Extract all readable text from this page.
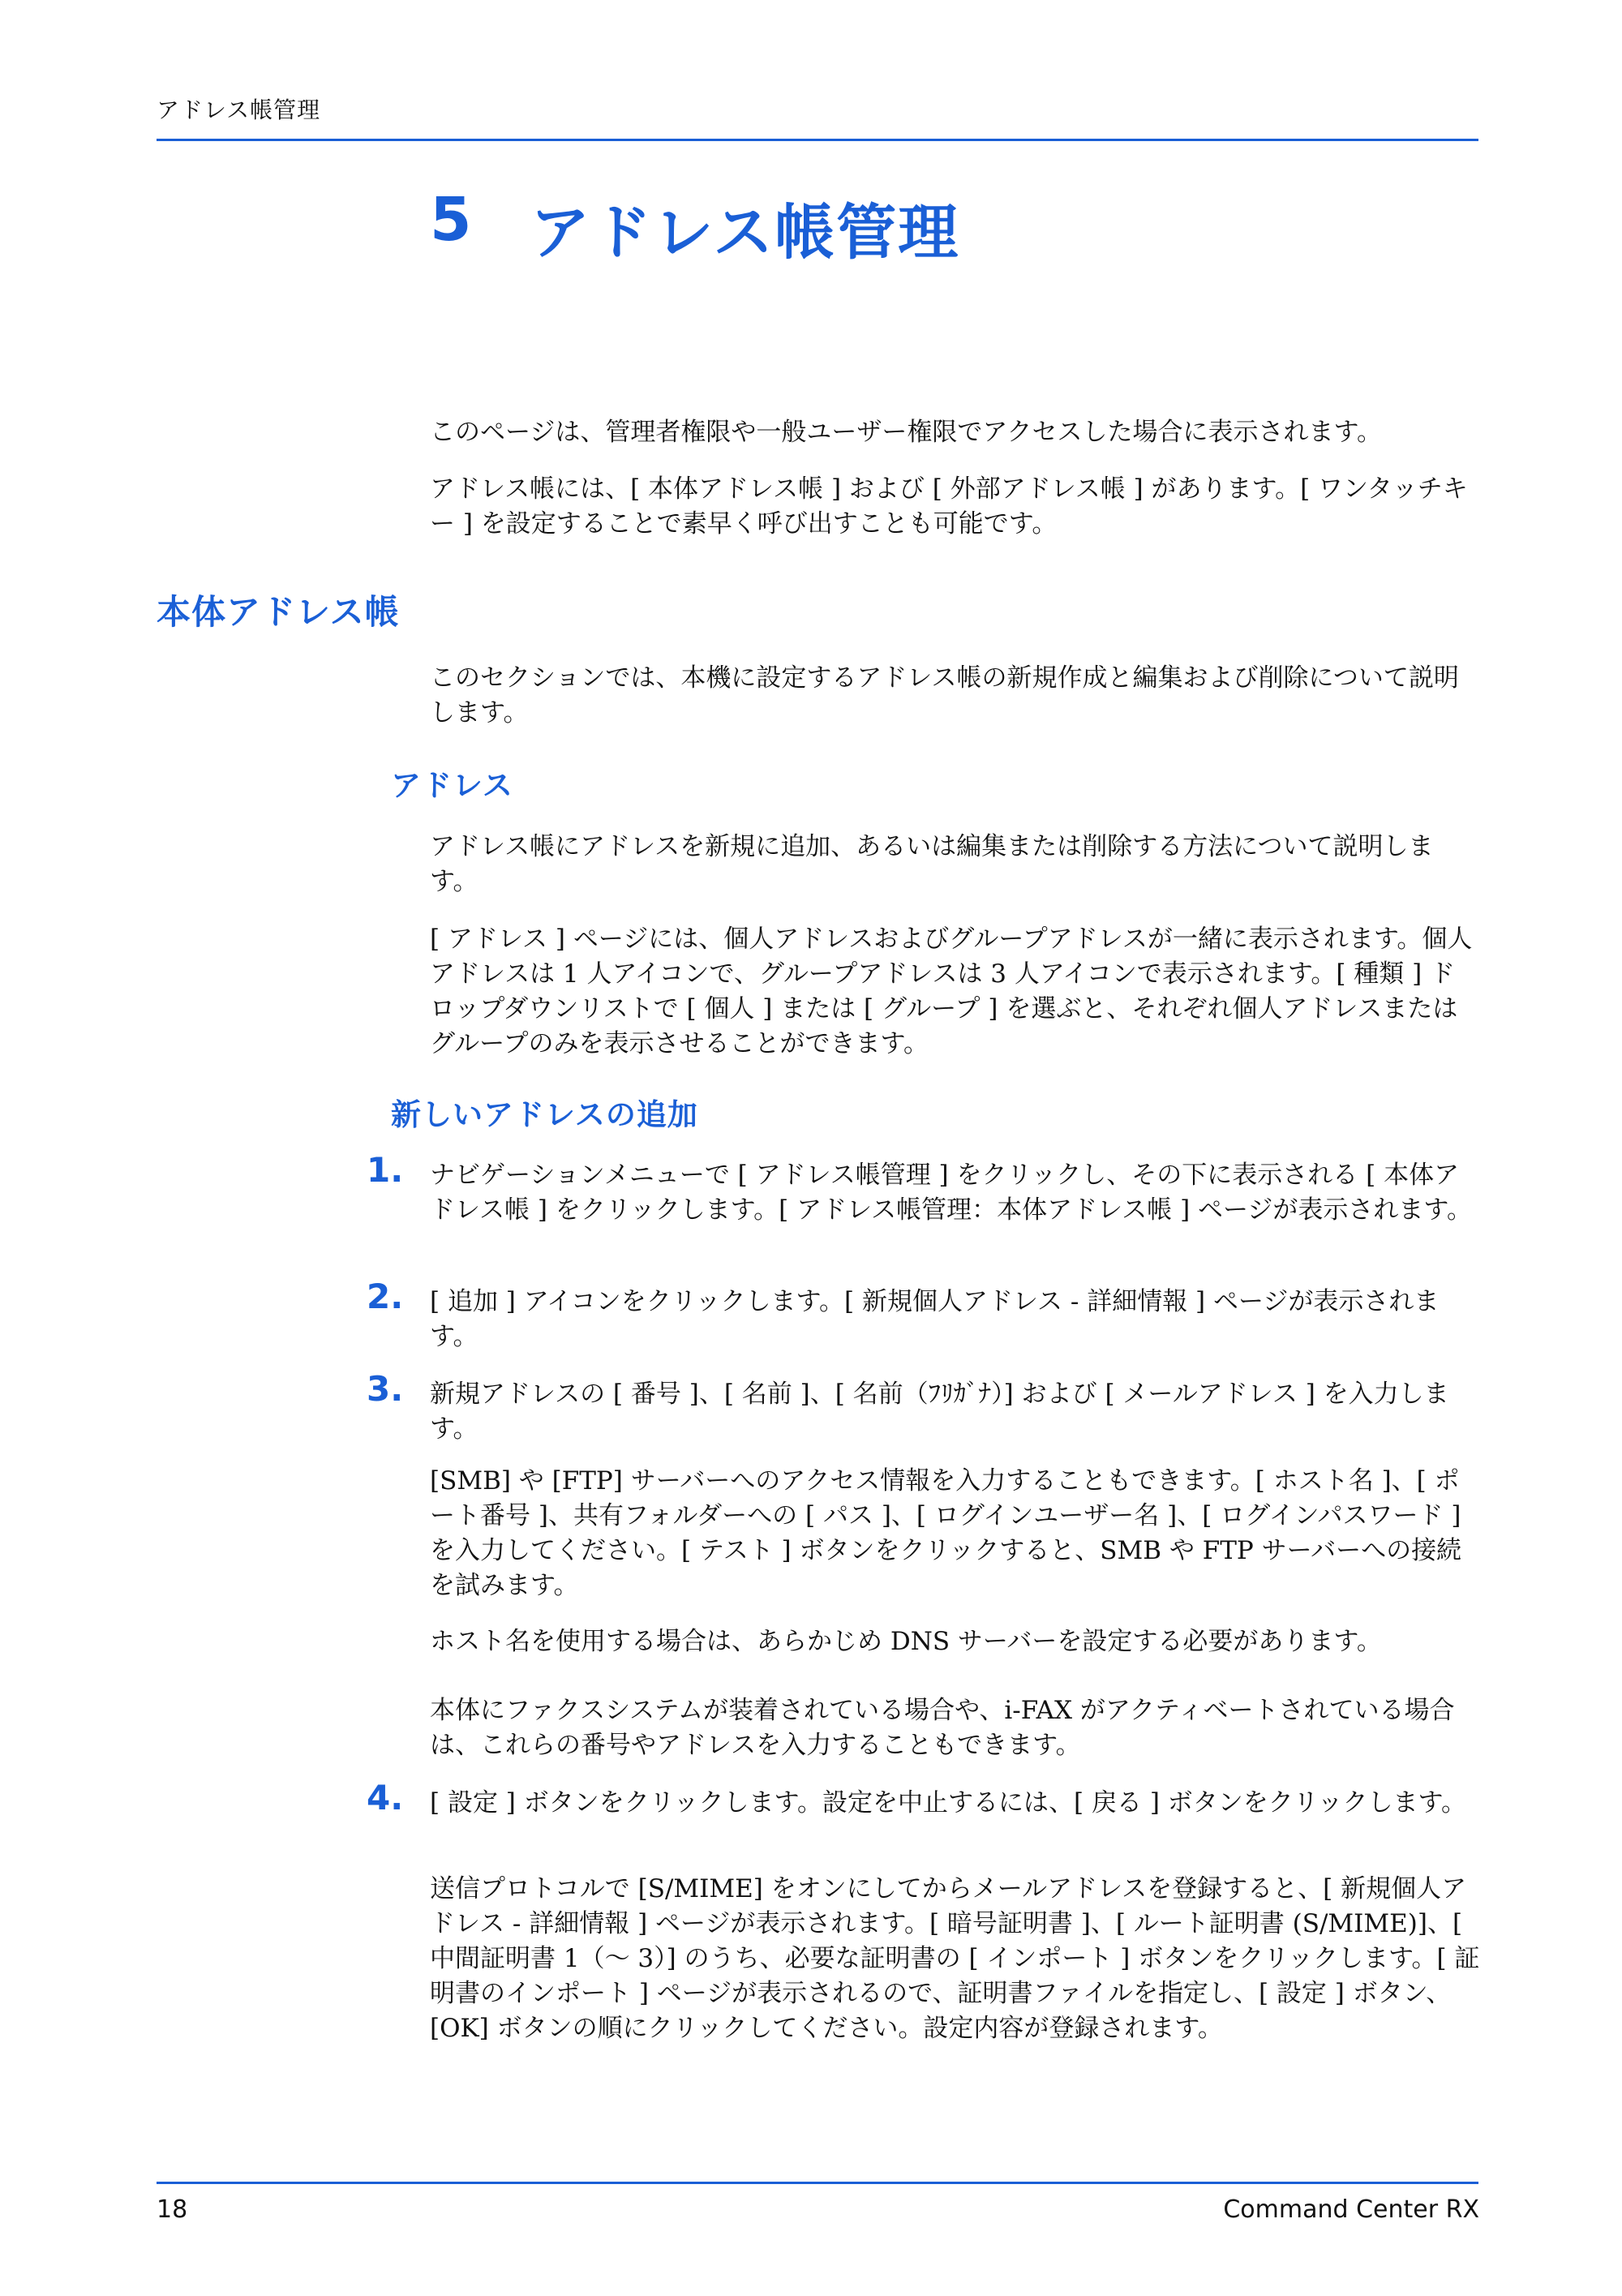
アドレス帳管理
5 アドレス帳管理

このページは、管理者権限や一般ユーザー権限でアクセスした場合に表示されます。

アドレス帳には、[ 本体アドレス帳 ] および [ 外部アドレス帳 ] があります。[ ワンタッチキー ] を設定することで素早く呼び出すことも可能です。

本体アドレス帳

このセクションでは、本機に設定するアドレス帳の新規作成と編集および削除について説明します。

アドレス

アドレス帳にアドレスを新規に追加、あるいは編集または削除する方法について説明します。

[ アドレス ] ページには、個人アドレスおよびグループアドレスが一緒に表示されます。個人アドレスは 1 人アイコンで、グループアドレスは 3 人アイコンで表示されます。[ 種類 ] ドロップダウンリストで [ 個人 ] または [ グループ ] を選ぶと、それぞれ個人アドレスまたはグループのみを表示させることができます。

新しいアドレスの追加
1. ナビゲーションメニューで [ アドレス帳管理 ] をクリックし、その下に表示される [ 本体アドレス帳 ] をクリックします。[ アドレス帳管理：本体アドレス帳 ] ページが表示されます。

2. [ 追加 ] アイコンをクリックします。[ 新規個人アドレス - 詳細情報 ] ページが表示されます。

3. 新規アドレスの [ 番号 ]、[ 名前 ]、[ 名前（ﾌﾘｶﾞﾅ）] および [ メールアドレス ] を入力します。

[SMB] や [FTP] サーバーへのアクセス情報を入力することもできます。[ ホスト名 ]、[ ポート番号 ]、共有フォルダーへの [ パス ]、[ ログインユーザー名 ]、[ ログインパスワード ] を入力してください。[ テスト ] ボタンをクリックすると、SMB や FTP サーバーへの接続を試みます。

ホスト名を使用する場合は、あらかじめ DNS サーバーを設定する必要があります。

本体にファクスシステムが装着されている場合や、i-FAX がアクティベートされている場合は、これらの番号やアドレスを入力することもできます。

4. [ 設定 ] ボタンをクリックします。設定を中止するには、[ 戻る ] ボタンをクリックします。

送信プロトコルで [S/MIME] をオンにしてからメールアドレスを登録すると、[ 新規個人アドレス - 詳細情報 ] ページが表示されます。[ 暗号証明書 ]、[ ルート証明書 (S/MIME)]、[ 中間証明書 1（～ 3）] のうち、必要な証明書の [ インポート ] ボタンをクリックします。[ 証明書のインポート ] ページが表示されるので、証明書ファイルを指定し、[ 設定 ] ボタン、[OK] ボタンの順にクリックしてください。設定内容が登録されます。

18	Command Center RX
